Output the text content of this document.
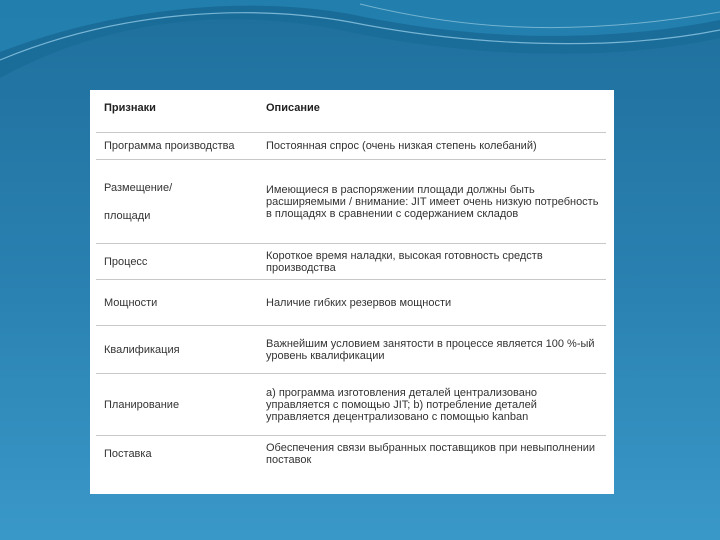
Признаки	Описание
Программа производства	Постоянная спрос (очень низкая степень колебаний)

Размещение/
площади	Имеющиеся в распоряжении площади должны быть расширяемыми / внимание: JIT имеет очень низкую потребность в площадях в сравнении с содержанием складов
Процесс	Короткое время наладки, высокая готовность средств производства
Мощности	Наличие гибких резервов мощности
Квалификация	Важнейшим условием занятости в процессе является 100 %-ый уровень квалификации
Планирование	a) программа изготовления деталей централизовано управляется с помощью JIT; b) потребление деталей управляется децентрализовано с помощью kanban
Поставка	Обеспечения связи выбранных поставщиков при невыполнении поставок
